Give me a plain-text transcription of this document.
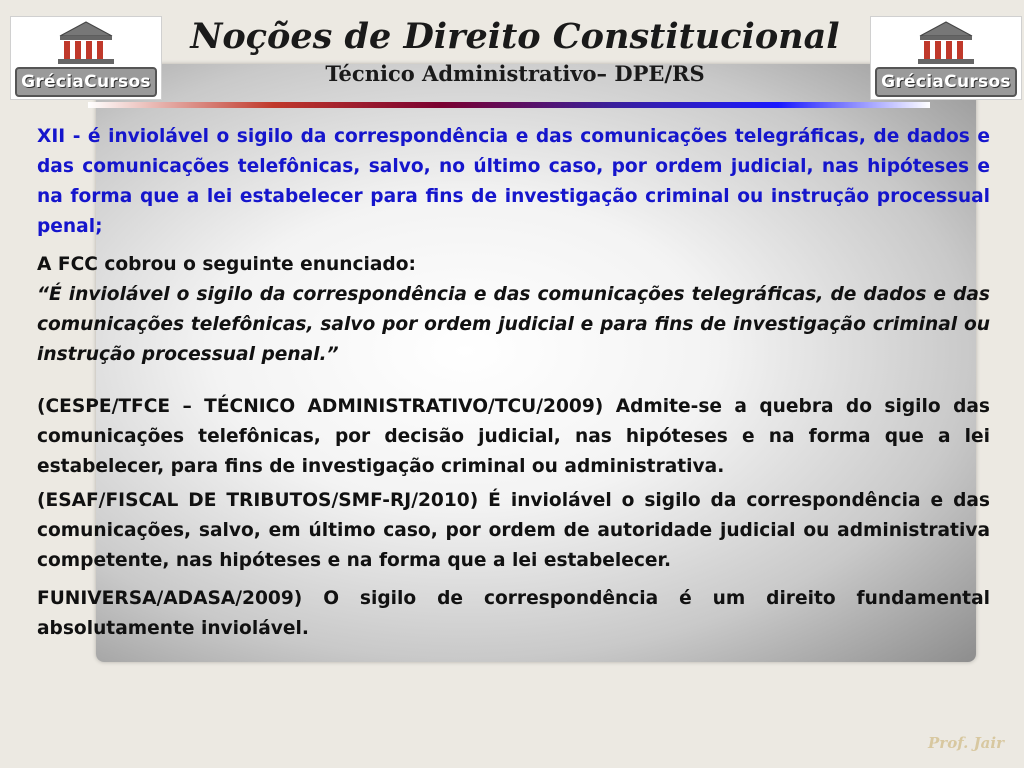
GréciaCursos
Noções de Direito Constitucional
Técnico Administrativo– DPE/RS	GréciaCursos

XII - é inviolável o sigilo da correspondência e das comunicações telegráficas, de dados e das comunicações telefônicas, salvo, no último caso, por ordem judicial, nas hipóteses e na forma que a lei estabelecer para fins de investigação criminal ou instrução processual penal;

A FCC cobrou o seguinte enunciado:

“É inviolável o sigilo da correspondência e das comunicações telegráficas, de dados e das comunicações telefônicas, salvo por ordem judicial e para fins de investigação criminal ou instrução processual penal.”

(CESPE/TFCE – TÉCNICO ADMINISTRATIVO/TCU/2009) Admite-se a quebra do sigilo das comunicações telefônicas, por decisão judicial, nas hipóteses e na forma que a lei estabelecer, para fins de investigação criminal ou administrativa.

(ESAF/FISCAL DE TRIBUTOS/SMF-RJ/2010) É inviolável o sigilo da correspondência e das comunicações, salvo, em último caso, por ordem de autoridade judicial ou administrativa competente, nas hipóteses e na forma que a lei estabelecer.

FUNIVERSA/ADASA/2009) O sigilo de correspondência é um direito fundamental absolutamente inviolável.

Prof. Jair
